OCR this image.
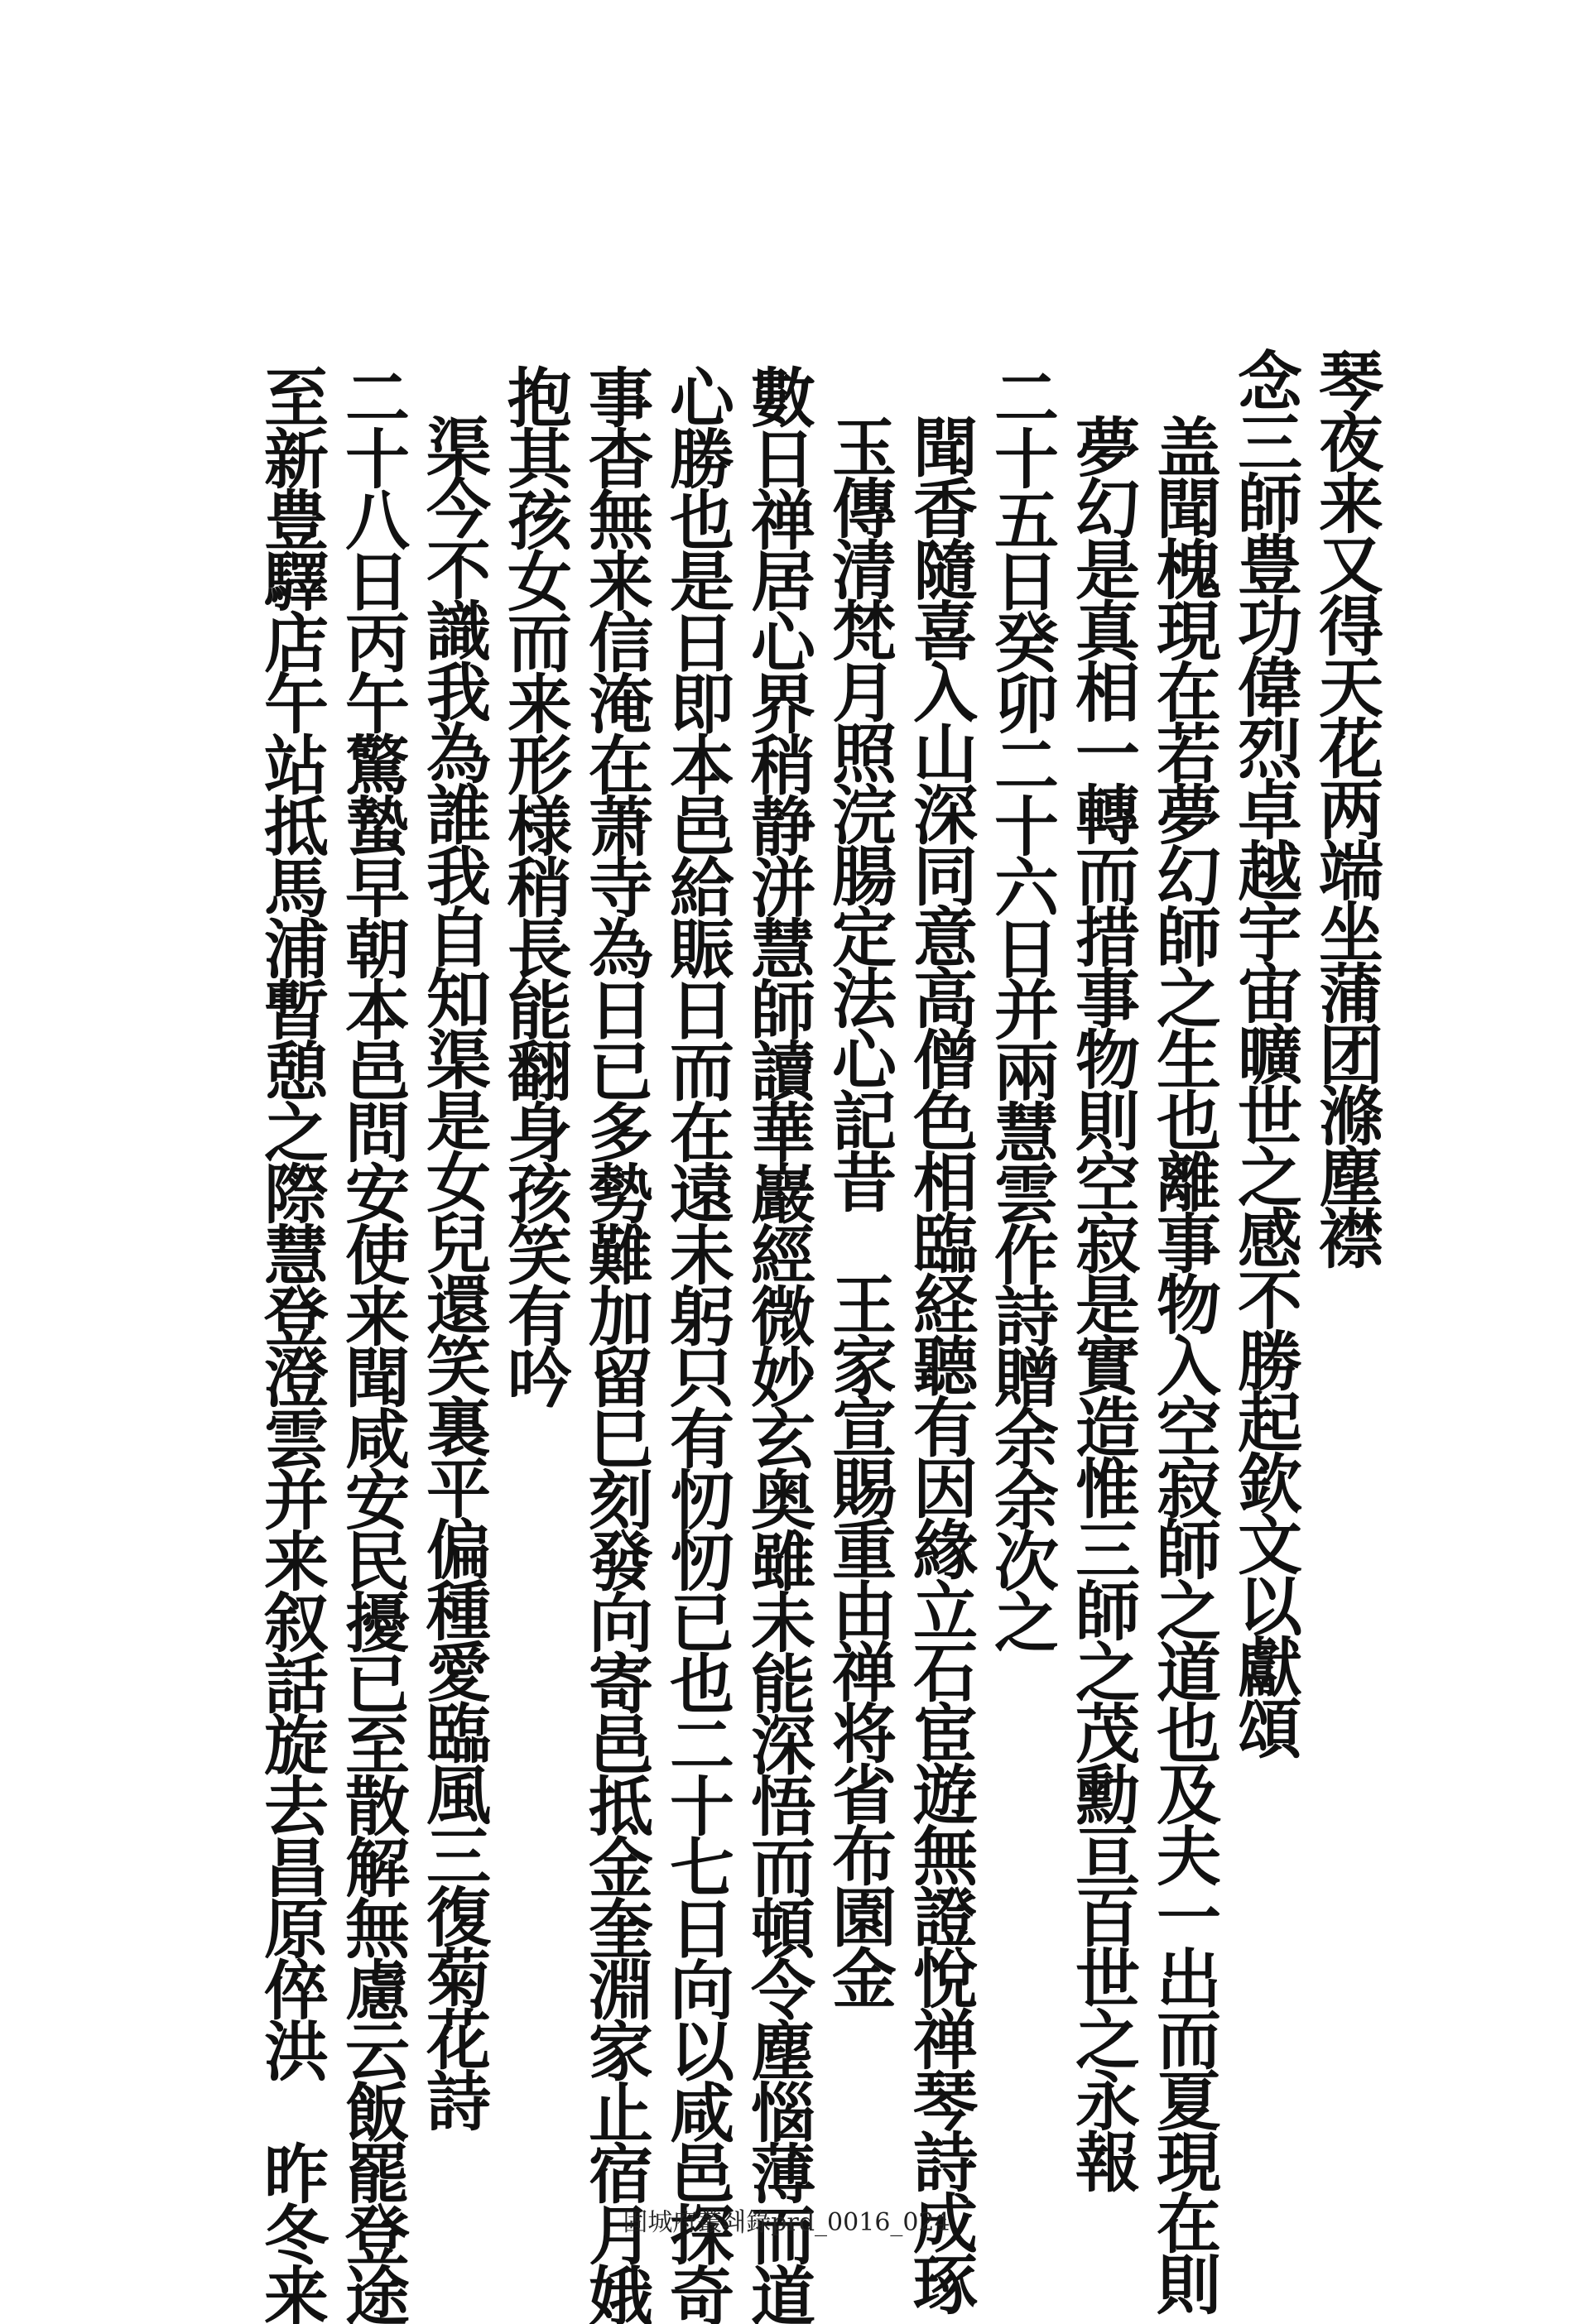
琴夜来又得天花两端坐蒲团滌塵襟
念三師豊功偉烈卓越宇宙曠世之感不勝起欽文以獻頌
盖聞槐現在若夢幻師之生也離事物入空寂師之道也及夫一出而夏現在則
夢幻是真相一轉而措事物則空寂是實造惟三師之茂勳亘百世之永報
二十五日癸卯二十六日并兩慧雲作詩贈余余次之
聞香隨喜入山深同意高僧色相臨経聽有因緣立石宦遊無證悅禅琴詩成琢
玉傳清梵月照浣腸定法心記昔　王家宣賜重由禅将省布園金
數日禅居心界稍静洴慧師讀華巖經微妙玄奥雖未能深悟而頓令塵惱薄而道
心勝也是日即本邑給賑日而在遠未躬只有㣼㣼已也二十七日向以咸邑探奇
事杳無来信淹在萧寺為日已多勢難加留巳刻發向寄邑抵金奎淵家止宿月娥
抱其孩女而来形様稍長能翻身孩笑有吟
渠今不識我為誰我自知渠是女兒還笑裏平偏種愛臨風三復菊花詩
二十八日丙午驚蟄早朝本邑問安使来聞咸安民擾已至散解無慮云飯罷登途
至新豊驛店午站抵馬浦暫憩之際慧登澄雲并来叙話旋去昌原倅洪　昨冬来	固城府叢쇄錄prd_0016_024
